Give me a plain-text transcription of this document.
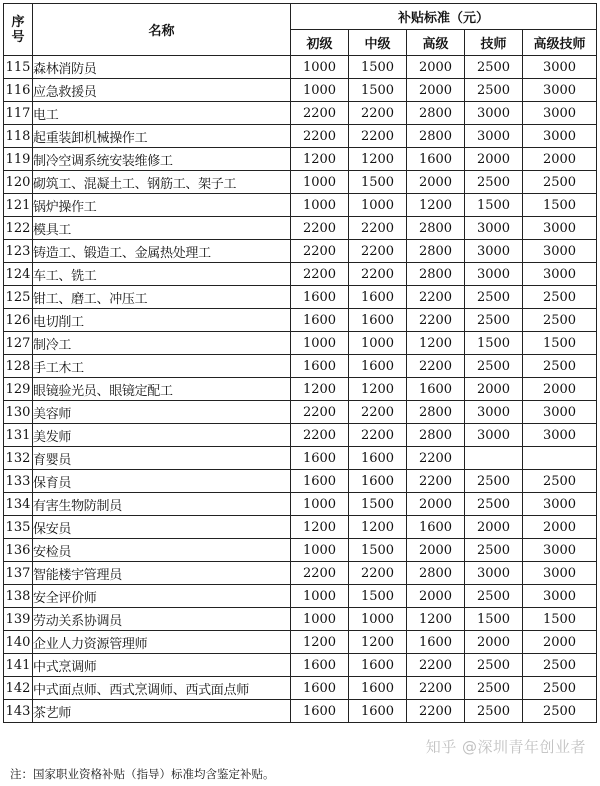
序号	名称	补贴标准（元）				
		初级	中级	高级	技师	高级技师
115	森林消防员	1000	1500	2000	2500	3000
116	应急救援员	1000	1500	2000	2500	3000
117	电工	2200	2200	2800	3000	3000
118	起重装卸机械操作工	2200	2200	2800	3000	3000
119	制冷空调系统安装维修工	1200	1200	1600	2000	2000
120	砌筑工、混凝土工、钢筋工、架子工	1000	1500	2000	2500	2500
121	锅炉操作工	1000	1000	1200	1500	1500
122	模具工	2200	2200	2800	3000	3000
123	铸造工、锻造工、金属热处理工	2200	2200	2800	3000	3000
124	车工、铣工	2200	2200	2800	3000	3000
125	钳工、磨工、冲压工	1600	1600	2200	2500	2500
126	电切削工	1600	1600	2200	2500	2500
127	制冷工	1000	1000	1200	1500	1500
128	手工木工	1600	1600	2200	2500	2500
129	眼镜验光员、眼镜定配工	1200	1200	1600	2000	2000
130	美容师	2200	2200	2800	3000	3000
131	美发师	2200	2200	2800	3000	3000
132	育婴员	1600	1600	2200		
133	保育员	1600	1600	2200	2500	2500
134	有害生物防制员	1000	1500	2000	2500	3000
135	保安员	1200	1200	1600	2000	2000
136	安检员	1000	1500	2000	2500	3000
137	智能楼宇管理员	2200	2200	2800	3000	3000
138	安全评价师	1000	1500	2000	2500	3000
139	劳动关系协调员	1000	1000	1200	1500	1500
140	企业人力资源管理师	1200	1200	1600	2000	2000
141	中式烹调师	1600	1600	2200	2500	2500
142	中式面点师、西式烹调师、西式面点师	1600	1600	2200	2500	2500
143	茶艺师	1600	1600	2200	2500	2500
注：国家职业资格补贴（指导）标准均含鉴定补贴。
知乎 @深圳青年创业者
